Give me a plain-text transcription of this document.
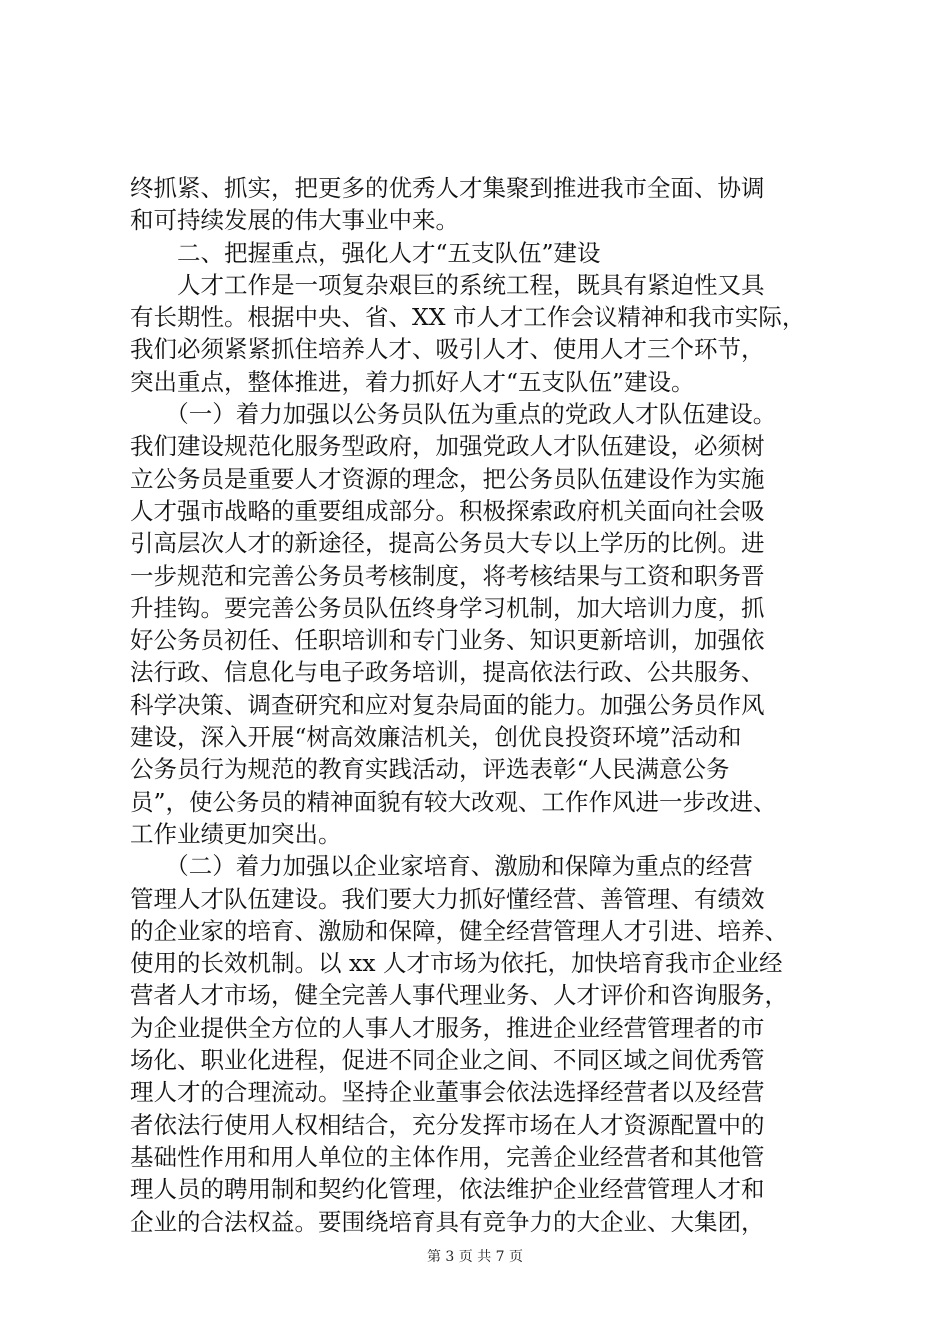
终抓紧、抓实，把更多的优秀人才集聚到推进我市全面、协调
和可持续发展的伟大事业中来。
　　二、把握重点，强化人才“五支队伍”建设
　　人才工作是一项复杂艰巨的系统工程，既具有紧迫性又具
有长期性。根据中央、省、XX 市人才工作会议精神和我市实际，
我们必须紧紧抓住培养人才、吸引人才、使用人才三个环节，
突出重点，整体推进，着力抓好人才“五支队伍”建设。
　　（一）着力加强以公务员队伍为重点的党政人才队伍建设。
我们建设规范化服务型政府，加强党政人才队伍建设，必须树
立公务员是重要人才资源的理念，把公务员队伍建设作为实施
人才强市战略的重要组成部分。积极探索政府机关面向社会吸
引高层次人才的新途径，提高公务员大专以上学历的比例。进
一步规范和完善公务员考核制度，将考核结果与工资和职务晋
升挂钩。要完善公务员队伍终身学习机制，加大培训力度，抓
好公务员初任、任职培训和专门业务、知识更新培训，加强依
法行政、信息化与电子政务培训，提高依法行政、公共服务、
科学决策、调查研究和应对复杂局面的能力。加强公务员作风
建设，深入开展“树高效廉洁机关，创优良投资环境”活动和
公务员行为规范的教育实践活动，评选表彰“人民满意公务
员”，使公务员的精神面貌有较大改观、工作作风进一步改进、
工作业绩更加突出。
　　（二）着力加强以企业家培育、激励和保障为重点的经营
管理人才队伍建设。我们要大力抓好懂经营、善管理、有绩效
的企业家的培育、激励和保障，健全经营管理人才引进、培养、
使用的长效机制。以 xx 人才市场为依托，加快培育我市企业经
营者人才市场，健全完善人事代理业务、人才评价和咨询服务，
为企业提供全方位的人事人才服务，推进企业经营管理者的市
场化、职业化进程，促进不同企业之间、不同区域之间优秀管
理人才的合理流动。坚持企业董事会依法选择经营者以及经营
者依法行使用人权相结合，充分发挥市场在人才资源配置中的
基础性作用和用人单位的主体作用，完善企业经营者和其他管
理人员的聘用制和契约化管理，依法维护企业经营管理人才和
企业的合法权益。要围绕培育具有竞争力的大企业、大集团，
第 3 页 共 7 页
